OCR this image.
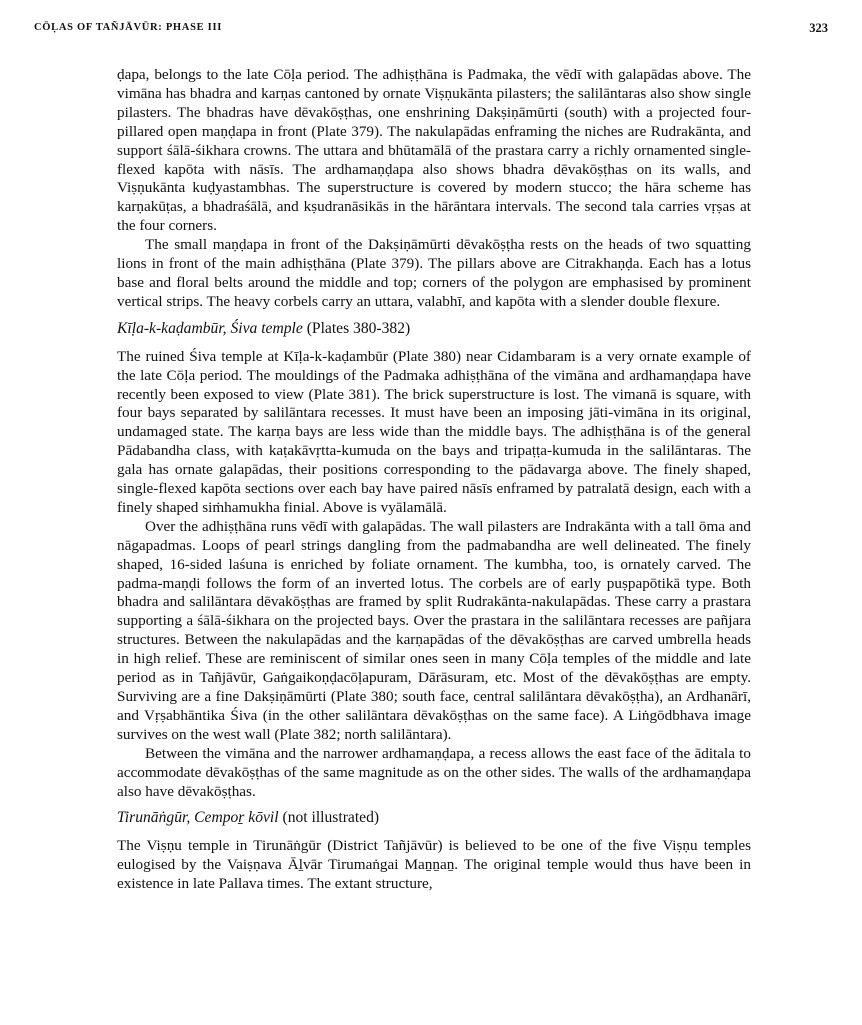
CŌḶAS OF TAÑJĀVŪR: PHASE III	323

ḍapa, belongs to the late Cōḷa period. The adhiṣṭhāna is Padmaka, the vēdī with galapādas above. The vimāna has bhadra and karṇas cantoned by ornate Viṣṇukānta pilasters; the salilāntaras also show single pilasters. The bhadras have dēvakōṣṭhas, one enshrining Dakṣiṇāmūrti (south) with a projected four-pillared open maṇḍapa in front (Plate 379). The nakulapādas enframing the niches are Rudrakānta, and support śālā-śikhara crowns. The uttara and bhūtamālā of the prastara carry a richly ornamented single-flexed kapōta with nāsīs. The ardhamaṇḍapa also shows bhadra dēvakōṣṭhas on its walls, and Viṣṇukānta kuḍyastambhas. The superstructure is covered by modern stucco; the hāra scheme has karṇakūṭas, a bhadraśālā, and kṣudranāsikās in the hārāntara intervals. The second tala carries vṛṣas at the four corners.

The small maṇḍapa in front of the Dakṣiṇāmūrti dēvakōṣṭha rests on the heads of two squatting lions in front of the main adhiṣṭhāna (Plate 379). The pillars above are Citrakhaṇḍa. Each has a lotus base and floral belts around the middle and top; corners of the polygon are emphasised by prominent vertical strips. The heavy corbels carry an uttara, valabhī, and kapōta with a slender double flexure.

Kīḷa-k-kaḍambūr, Śiva temple (Plates 380-382)

The ruined Śiva temple at Kīḷa-k-kaḍambūr (Plate 380) near Cidambaram is a very ornate example of the late Cōḷa period. The mouldings of the Padmaka adhiṣṭhāna of the vimāna and ardhamaṇḍapa have recently been exposed to view (Plate 381). The brick superstructure is lost. The vimanā is square, with four bays separated by salilāntara recesses. It must have been an imposing jāti-vimāna in its original, undamaged state. The karṇa bays are less wide than the middle bays. The adhiṣṭhāna is of the general Pādabandha class, with kaṭakāvṛtta-kumuda on the bays and tripaṭṭa-kumuda in the salilāntaras. The gala has ornate galapādas, their positions corresponding to the pādavarga above. The finely shaped, single-flexed kapōta sections over each bay have paired nāsīs enframed by patralatā design, each with a finely shaped siṁhamukha finial. Above is vyālamālā.

Over the adhiṣṭhāna runs vēdī with galapādas. The wall pilasters are Indrakānta with a tall ōma and nāgapadmas. Loops of pearl strings dangling from the padmabandha are well delineated. The finely shaped, 16-sided laśuna is enriched by foliate ornament. The kumbha, too, is ornately carved. The padma-maṇḍi follows the form of an inverted lotus. The corbels are of early puṣpapōtikā type. Both bhadra and salilāntara dēvakōṣṭhas are framed by split Rudrakānta-nakulapādas. These carry a prastara supporting a śālā-śikhara on the projected bays. Over the prastara in the salilāntara recesses are pañjara structures. Between the nakulapādas and the karṇapādas of the dēvakōṣṭhas are carved umbrella heads in high relief. These are reminiscent of similar ones seen in many Cōḷa temples of the middle and late period as in Tañjāvūr, Gaṅgaikoṇḍacōḷapuram, Dārāsuram, etc. Most of the dēvakōṣṭhas are empty. Surviving are a fine Dakṣiṇāmūrti (Plate 380; south face, central salilāntara dēvakōṣṭha), an Ardhanārī, and Vṛṣabhāntika Śiva (in the other salilāntara dēvakōṣṭhas on the same face). A Liṅgōdbhava image survives on the west wall (Plate 382; north salilāntara).

Between the vimāna and the narrower ardhamaṇḍapa, a recess allows the east face of the āditala to accommodate dēvakōṣṭhas of the same magnitude as on the other sides. The walls of the ardhamaṇḍapa also have dēvakōṣṭhas.

Tirunāṅgūr, Cempoṟ kōvil (not illustrated)

The Viṣṇu temple in Tirunāṅgūr (District Tañjāvūr) is believed to be one of the five Viṣṇu temples eulogised by the Vaiṣṇava Āḻvār Tirumaṅgai Maṉṉaṉ. The original temple would thus have been in existence in late Pallava times. The extant structure,
